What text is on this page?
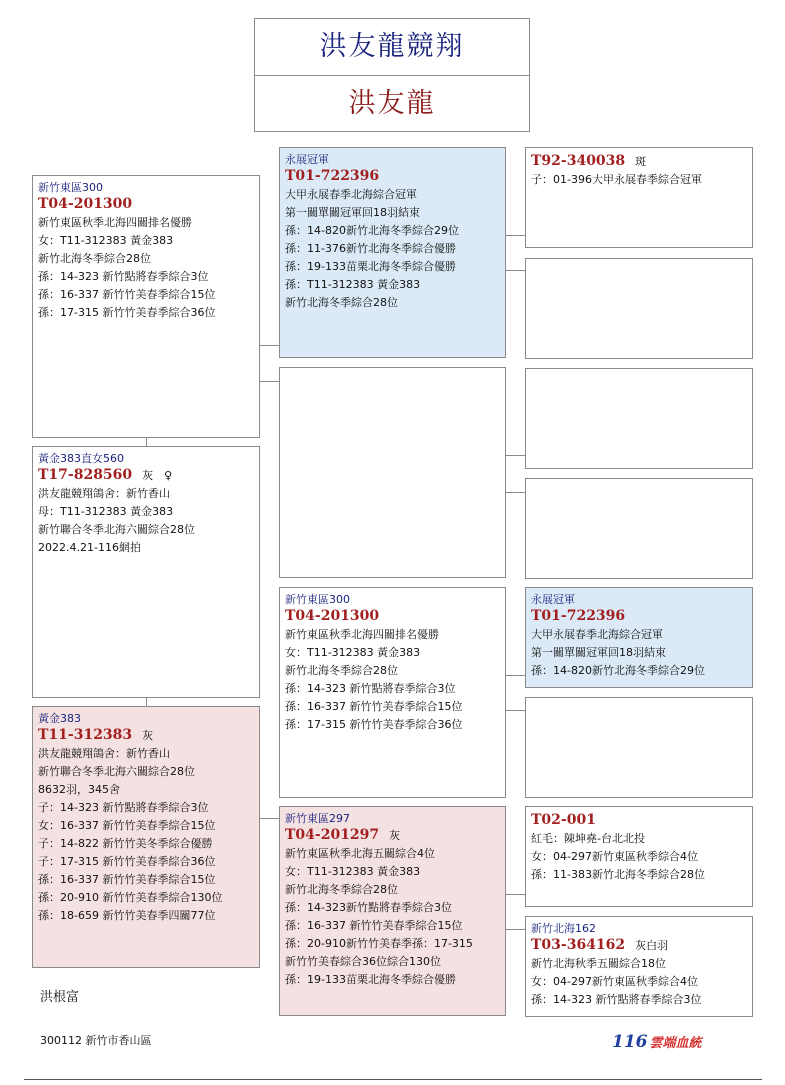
洪友龍競翔
洪友龍
新竹東區300
T04-201300
新竹東區秋季北海四關排名優勝
女：T11-312383 黃金383
新竹北海冬季綜合28位
孫：14-323 新竹點將春季綜合3位
孫：16-337 新竹竹美春季綜合15位
孫：17-315 新竹竹美春季綜合36位
黃金383直女560
T17-828560 灰　♀
洪友龍競翔鴿舍：新竹香山
母：T11-312383 黃金383
新竹聯合冬季北海六關綜合28位
2022.4.21-116網拍
黃金383
T11-312383 灰
洪友龍競翔鴿舍：新竹香山
新竹聯合冬季北海六關綜合28位
8632羽，345舍
子：14-323 新竹點將春季綜合3位
女：16-337 新竹竹美春季綜合15位
子：14-822 新竹竹美冬季綜合優勝
子：17-315 新竹竹美春季綜合36位
孫：16-337 新竹竹美春季綜合15位
孫：20-910 新竹竹美春季綜合130位
孫：18-659 新竹竹美春季四關77位
永展冠軍
T01-722396
大甲永展春季北海綜合冠軍
第一關單關冠軍回18羽結束
孫：14-820新竹北海冬季綜合29位
孫：11-376新竹北海冬季綜合優勝
孫：19-133苗栗北海冬季綜合優勝
孫：T11-312383 黃金383
新竹北海冬季綜合28位
新竹東區300
T04-201300
新竹東區秋季北海四關排名優勝
女：T11-312383 黃金383
新竹北海冬季綜合28位
孫：14-323 新竹點將春季綜合3位
孫：16-337 新竹竹美春季綜合15位
孫：17-315 新竹竹美春季綜合36位
新竹東區297
T04-201297 灰
新竹東區秋季北海五關綜合4位
女：T11-312383 黃金383
新竹北海冬季綜合28位
孫：14-323新竹點將春季綜合3位
孫：16-337 新竹竹美春季綜合15位
孫：20-910新竹竹美春季孫：17-315
新竹竹美春綜合36位綜合130位
孫：19-133苗栗北海冬季綜合優勝
T92-340038 斑
子：01-396大甲永展春季綜合冠軍
永展冠軍
T01-722396
大甲永展春季北海綜合冠軍
第一關單關冠軍回18羽結束
孫：14-820新竹北海冬季綜合29位
T02-001
紅毛：陳坤堯-台北北投
女：04-297新竹東區秋季綜合4位
孫：11-383新竹北海冬季綜合28位
新竹北海162
T03-364162 灰白羽
新竹北海秋季五關綜合18位
女：04-297新竹東區秋季綜合4位
孫：14-323 新竹點將春季綜合3位
洪根富
300112 新竹市香山區	116 雲端血統
